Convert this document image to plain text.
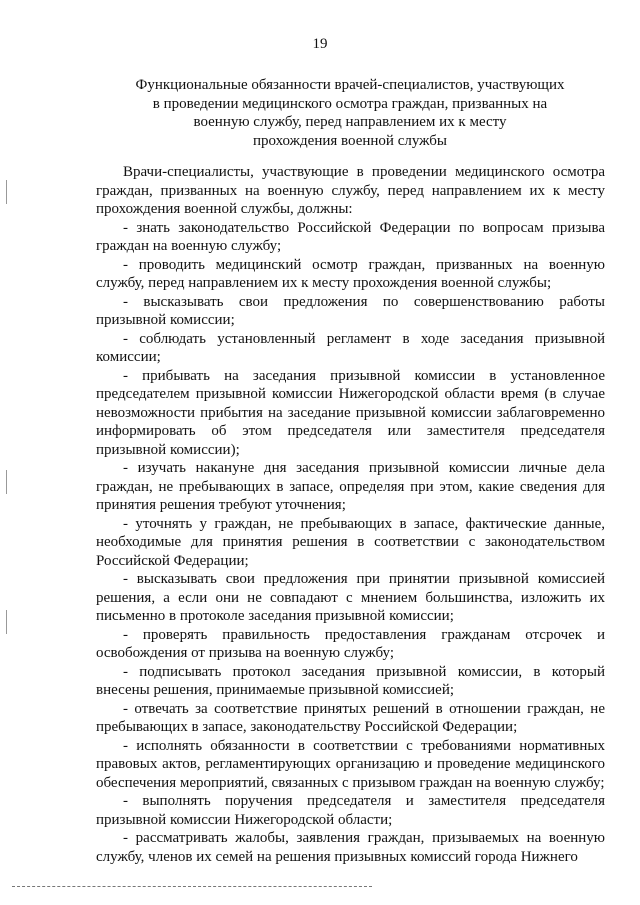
19
Функциональные обязанности врачей-специалистов, участвующих
в проведении медицинского осмотра граждан, призванных на
военную службу, перед направлением их к месту
прохождения военной службы

Врачи-специалисты, участвующие в проведении медицинского осмотра граждан, призванных на военную службу, перед направлением их к месту прохождения военной службы, должны:

- знать законодательство Российской Федерации по вопросам призыва граждан на военную службу;

- проводить медицинский осмотр граждан, призванных на военную службу, перед направлением их к месту прохождения военной службы;

- высказывать свои предложения по совершенствованию работы призывной комиссии;

- соблюдать установленный регламент в ходе заседания призывной комиссии;

- прибывать на заседания призывной комиссии в установленное председателем призывной комиссии Нижегородской области время (в случае невозможности прибытия на заседание призывной комиссии заблаговременно информировать об этом председателя или заместителя председателя призывной комиссии);

- изучать накануне дня заседания призывной комиссии личные дела граждан, не пребывающих в запасе, определяя при этом, какие сведения для принятия решения требуют уточнения;

- уточнять у граждан, не пребывающих в запасе, фактические данные, необходимые для принятия решения в соответствии с законодательством Российской Федерации;

- высказывать свои предложения при принятии призывной комиссией решения, а если они не совпадают с мнением большинства, изложить их письменно в протоколе заседания призывной комиссии;

- проверять правильность предоставления гражданам отсрочек и освобождения от призыва на военную службу;

- подписывать протокол заседания призывной комиссии, в который внесены решения, принимаемые призывной комиссией;

- отвечать за соответствие принятых решений в отношении граждан, не пребывающих в запасе, законодательству Российской Федерации;

- исполнять обязанности в соответствии с требованиями нормативных правовых актов, регламентирующих организацию и проведение медицинского обеспечения мероприятий, связанных с призывом граждан на военную службу;

- выполнять поручения председателя и заместителя председателя призывной комиссии Нижегородской области;

- рассматривать жалобы, заявления граждан, призываемых на военную службу, членов их семей на решения призывных комиссий города Нижнего
